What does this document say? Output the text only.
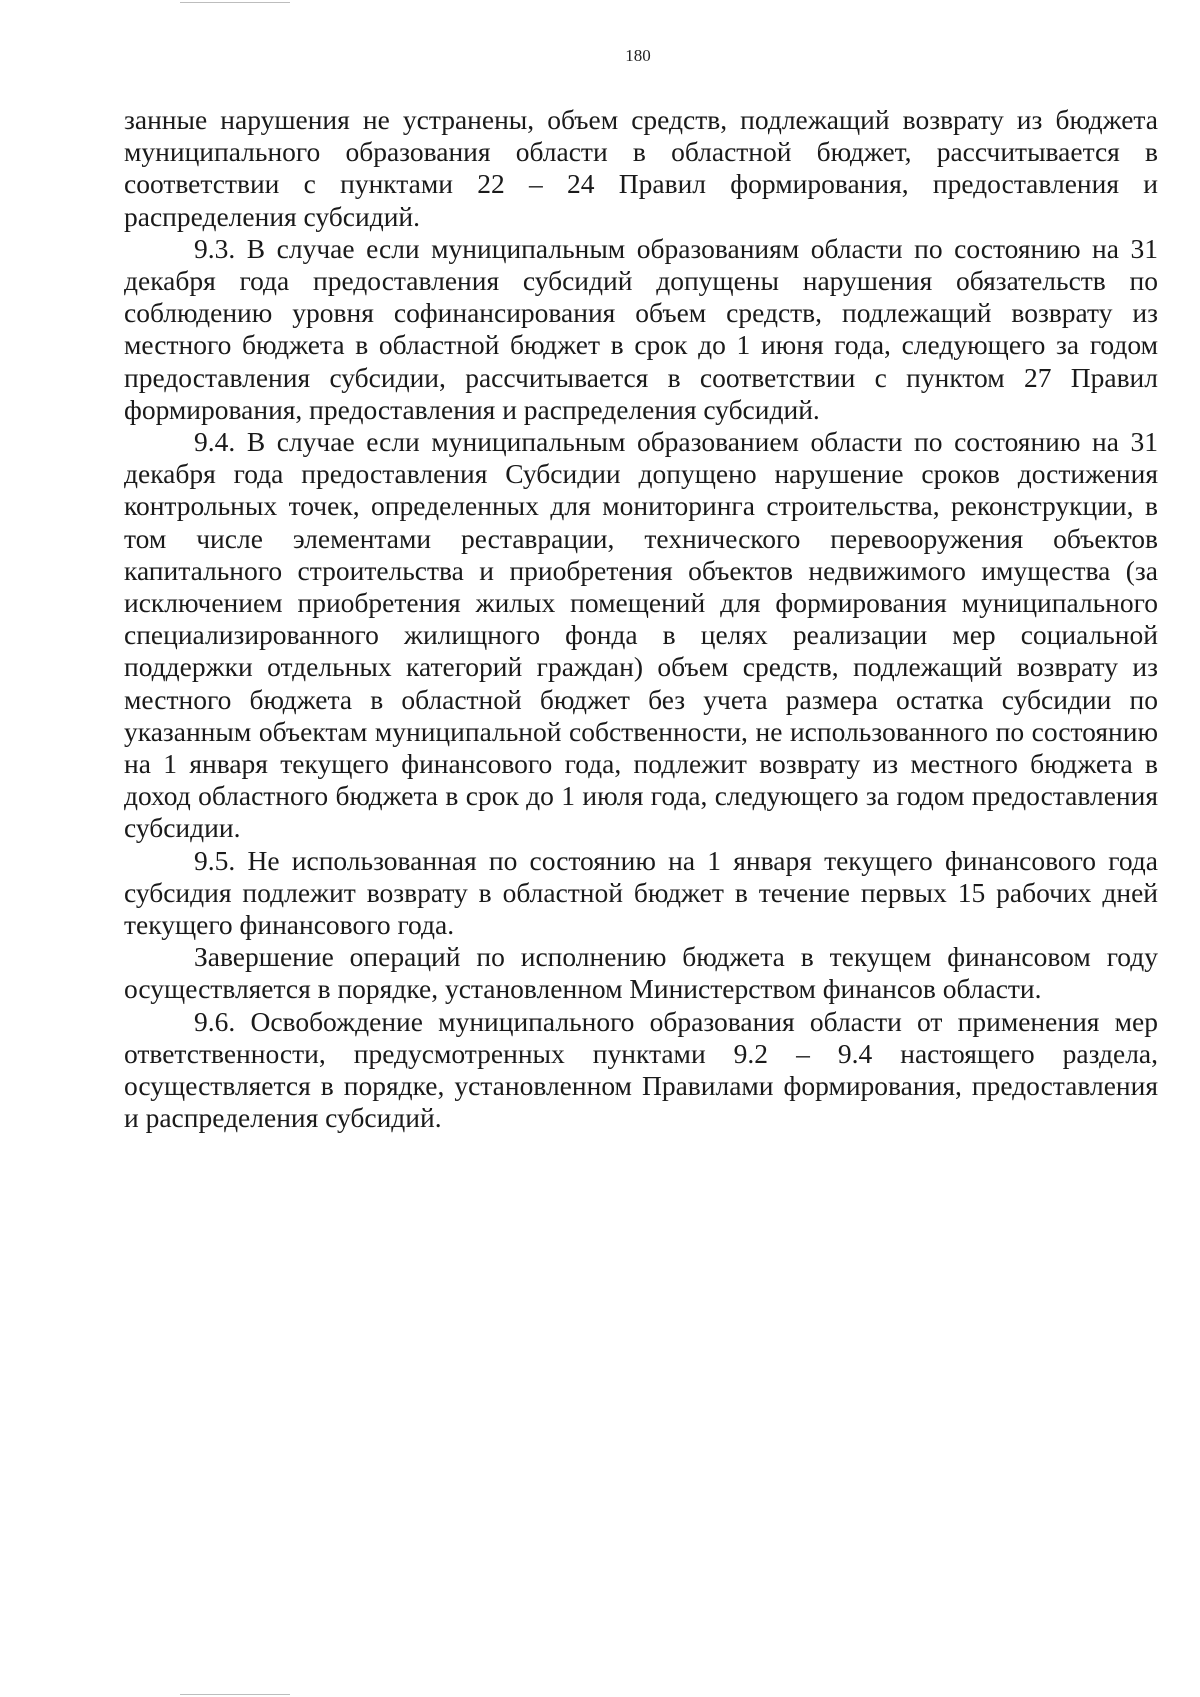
180

занные нарушения не устранены, объем средств, подлежащий возврату из бюджета муниципального образования области в областной бюджет, рассчитывается в соответствии с пунктами 22 – 24 Правил формирования, предоставления и распределения субсидий.

9.3. В случае если муниципальным образованиям области по состоянию на 31 декабря года предоставления субсидий допущены нарушения обязательств по соблюдению уровня софинансирования объем средств, подлежащий возврату из местного бюджета в областной бюджет в срок до 1 июня года, следующего за годом предоставления субсидии, рассчитывается в соответствии с пунктом 27 Правил формирования, предоставления и распределения субсидий.

9.4. В случае если муниципальным образованием области по состоянию на 31 декабря года предоставления Субсидии допущено нарушение сроков достижения контрольных точек, определенных для мониторинга строительства, реконструкции, в том числе элементами реставрации, технического перевооружения объектов капитального строительства и приобретения объектов недвижимого имущества (за исключением приобретения жилых помещений для формирования муниципального специализированного жилищного фонда в целях реализации мер социальной поддержки отдельных категорий граждан) объем средств, подлежащий возврату из местного бюджета в областной бюджет без учета размера остатка субсидии по указанным объектам муниципальной собственности, не использованного по состоянию на 1 января текущего финансового года, подлежит возврату из местного бюджета в доход областного бюджета в срок до 1 июля года, следующего за годом предоставления субсидии.

9.5. Не использованная по состоянию на 1 января текущего финансового года субсидия подлежит возврату в областной бюджет в течение первых 15 рабочих дней текущего финансового года.

Завершение операций по исполнению бюджета в текущем финансовом году осуществляется в порядке, установленном Министерством финансов области.

9.6. Освобождение муниципального образования области от применения мер ответственности, предусмотренных пунктами 9.2 – 9.4 настоящего раздела, осуществляется в порядке, установленном Правилами формирования, предоставления и распределения субсидий.
